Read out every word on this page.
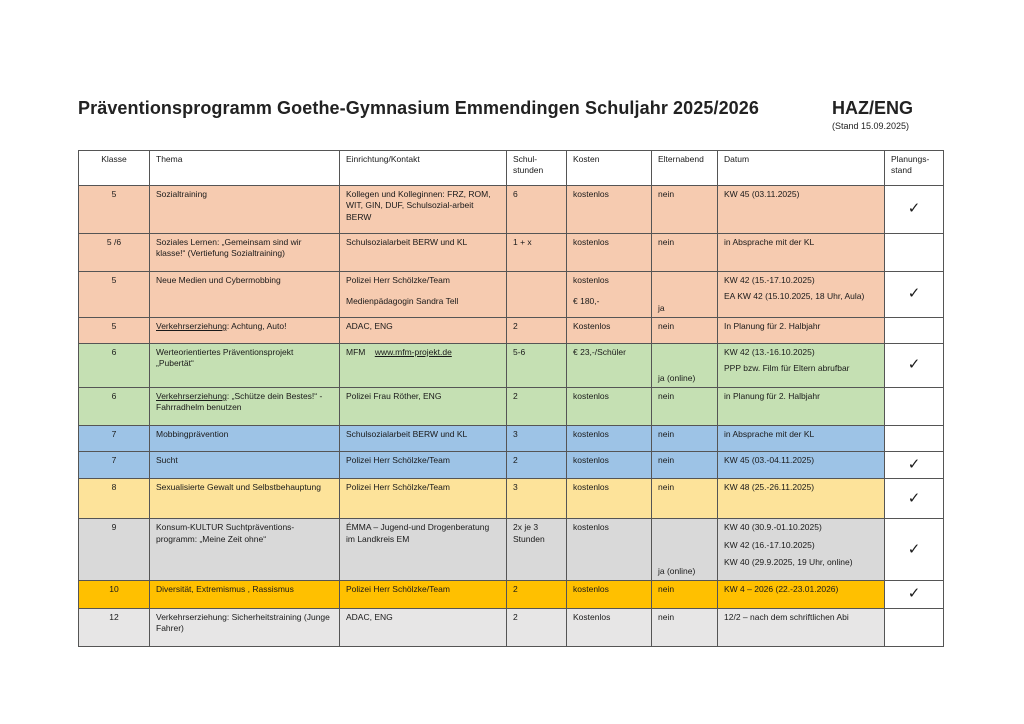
Präventionsprogramm Goethe-Gymnasium Emmendingen Schuljahr 2025/2026	HAZ/ENG
(Stand 15.09.2025)
Klasse	Thema	Einrichtung/Kontakt	Schul-
stunden	Kosten	Elternabend	Datum	Planungs-
stand
5	Sozialtraining	Kollegen und Kolleginnen: FRZ, ROM, WIT, GIN, DUF, Schulsozial-arbeit BERW	6	kostenlos	nein	KW 45 (03.11.2025)	✓
5 /6	Soziales Lernen: „Gemeinsam sind wir klasse!“ (Vertiefung Sozialtraining)	Schulsozialarbeit BERW und KL	1 + x	kostenlos	nein	in Absprache mit der KL	
5	Neue Medien und Cybermobbing	Polizei Herr Schölzke/Team
Medienpädagogin Sandra Tell		kostenlos
€ 180,-	ja	KW 42 (15.-17.10.2025)
EA KW 42 (15.10.2025, 18 Uhr, Aula)	✓
5	Verkehrserziehung: Achtung, Auto!	ADAC, ENG	2	Kostenlos	nein	In Planung für 2. Halbjahr	
6	Werteorientiertes Präventionsprojekt „Pubertät“	MFM www.mfm-projekt.de	5-6	€ 23,-/Schüler	ja (online)	KW 42 (13.-16.10.2025)
PPP bzw. Film für Eltern abrufbar	✓
6	Verkehrserziehung: „Schütze dein Bestes!“ - Fahrradhelm benutzen	Polizei Frau Röther, ENG	2	kostenlos	nein	in Planung für 2. Halbjahr	
7	Mobbingprävention	Schulsozialarbeit BERW und KL	3	kostenlos	nein	in Absprache mit der KL	
7	Sucht	Polizei Herr Schölzke/Team	2	kostenlos	nein	KW 45 (03.-04.11.2025)	✓
8	Sexualisierte Gewalt und Selbstbehauptung	Polizei Herr Schölzke/Team	3	kostenlos	nein	KW 48 (25.-26.11.2025)	✓
9	Konsum-KULTUR Suchtpräventions-programm: „Meine Zeit ohne“	ÉMMA – Jugend-und Drogenberatung im Landkreis EM	2x je 3 Stunden	kostenlos	ja (online)	KW 40 (30.9.-01.10.2025)
KW 42 (16.-17.10.2025)
KW 40 (29.9.2025, 19 Uhr, online)	✓
10	Diversität, Extremismus , Rassismus	Polizei Herr Schölzke/Team	2	kostenlos	nein	KW 4 – 2026 (22.-23.01.2026)	✓
12	Verkehrserziehung: Sicherheitstraining (Junge Fahrer)	ADAC, ENG	2	Kostenlos	nein	12/2 – nach dem schriftlichen Abi	
